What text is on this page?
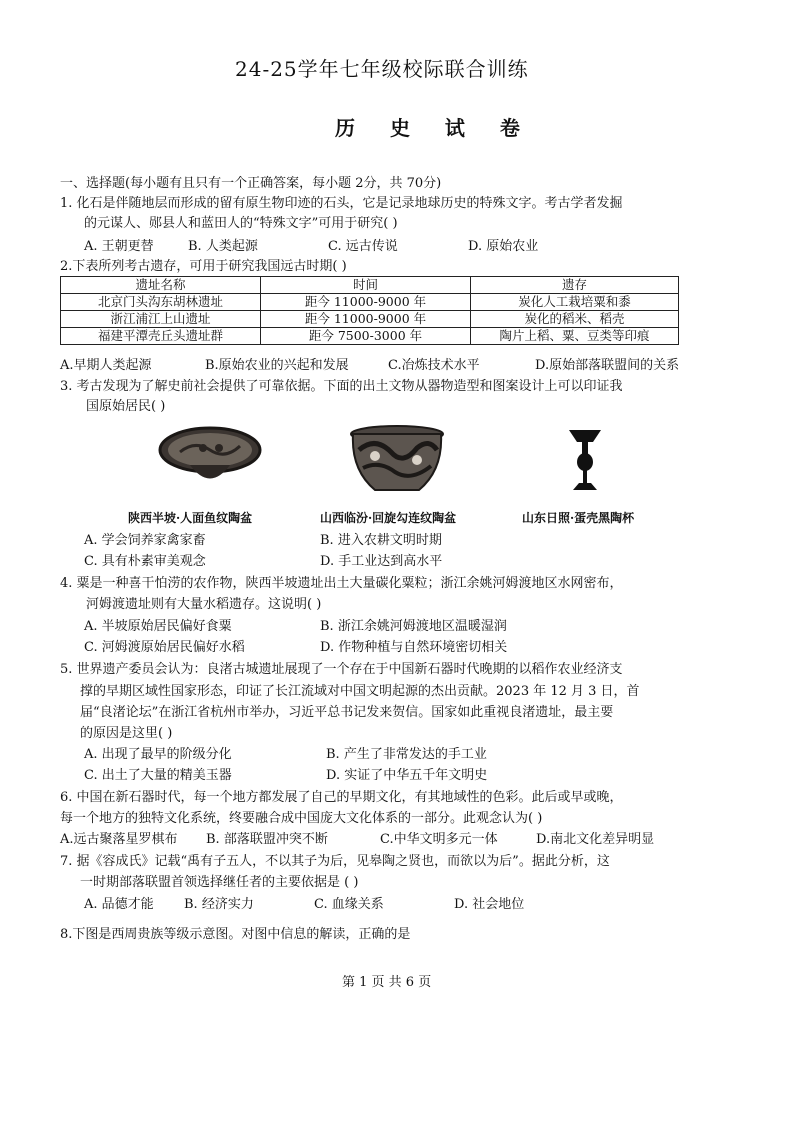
24-25学年七年级校际联合训练
历 史 试 卷
一、选择题(每小题有且只有一个正确答案，每小题 2分，共 70分)
1. 化石是伴随地层而形成的留有原生物印迹的石头，它是记录地球历史的特殊文字。考古学者发掘
的元谋人、郧县人和蓝田人的“特殊文字”可用于研究( )
A. 王朝更替	B. 人类起源	C. 远古传说	D. 原始农业
2.下表所列考古遗存，可用于研究我国远古时期( )
遗址名称	时间	遗存
北京门头沟东胡林遗址	距今 11000-9000 年	炭化人工栽培粟和黍
浙江浦江上山遗址	距今 11000-9000 年	炭化的稻米、稻壳
福建平潭壳丘头遗址群	距今 7500-3000 年	陶片上稻、粟、豆类等印痕
A.早期人类起源	B.原始农业的兴起和发展	C.冶炼技术水平	D.原始部落联盟间的关系
3. 考古发现为了解史前社会提供了可靠依据。下面的出土文物从器物造型和图案设计上可以印证我
国原始居民( )
陕西半坡·人面鱼纹陶盆	山西临汾·回旋勾连纹陶盆	山东日照·蛋壳黑陶杯
A. 学会饲养家禽家畜	B. 进入农耕文明时期
C. 具有朴素审美观念	D. 手工业达到高水平
4. 粟是一种喜干怕涝的农作物，陕西半坡遗址出土大量碳化粟粒；浙江余姚河姆渡地区水网密布，
河姆渡遗址则有大量水稻遗存。这说明( )
A. 半坡原始居民偏好食粟	B. 浙江余姚河姆渡地区温暖湿润
C. 河姆渡原始居民偏好水稻	D. 作物种植与自然环境密切相关
5. 世界遗产委员会认为：良渚古城遗址展现了一个存在于中国新石器时代晚期的以稻作农业经济支
撑的早期区域性国家形态，印证了长江流域对中国文明起源的杰出贡献。2023 年 12 月 3 日，首
届“良渚论坛”在浙江省杭州市举办，习近平总书记发来贺信。国家如此重视良渚遗址，最主要
的原因是这里( )
A. 出现了最早的阶级分化	B. 产生了非常发达的手工业
C. 出土了大量的精美玉器	D. 实证了中华五千年文明史
6. 中国在新石器时代，每一个地方都发展了自己的早期文化，有其地域性的色彩。此后或早或晚，
每一个地方的独特文化系统，终要融合成中国庞大文化体系的一部分。此观念认为( )
A.远古聚落星罗棋布 B. 部落联盟冲突不断	C.中华文明多元一体	D.南北文化差异明显
7. 据《容成氏》记载“禹有子五人，不以其子为后，见皋陶之贤也，而欲以为后”。据此分析，这
一时期部落联盟首领选择继任者的主要依据是 ( )
A. 品德才能 B. 经济实力	C. 血缘关系	D. 社会地位
8.下图是西周贵族等级示意图。对图中信息的解读，正确的是
第 1 页 共 6 页
